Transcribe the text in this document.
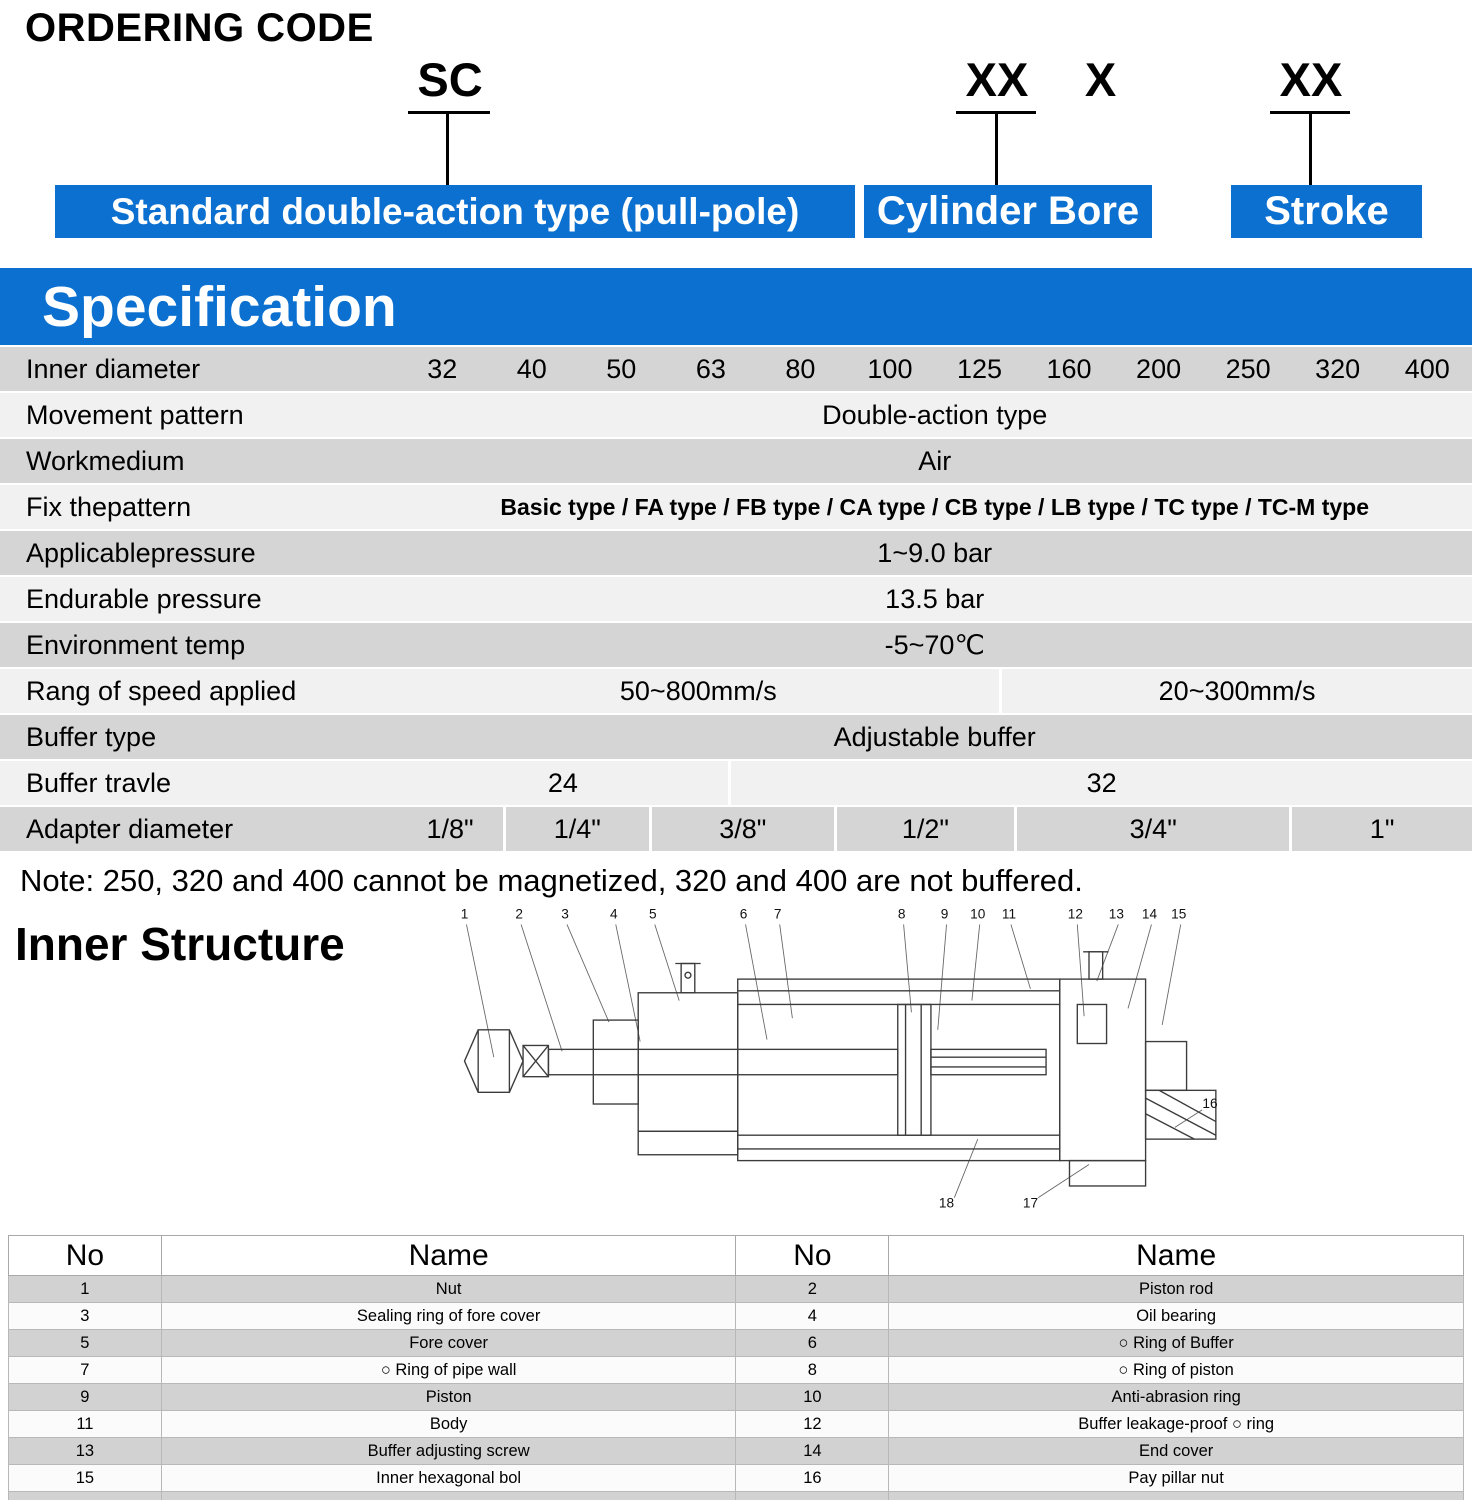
ORDERING CODE
SC	XX X	XX
Standard double-action type (pull-pole)	Cylinder Bore	Stroke
Specification
Inner diameter	32	40	50	63	80	100	125	160	200	250	320	400
Movement pattern	Double-action type
Workmedium	Air
Fix thepattern	Basic type / FA type / FB type / CA type / CB type / LB type / TC type / TC-M type
Applicablepressure	1~9.0 bar
Endurable pressure	13.5 bar
Environment temp	-5~70℃
Rang of speed applied	50~800mm/s	20~300mm/s
Buffer type	Adjustable buffer
Buffer travle	24	32
Adapter diameter	1/8"	1/4"	3/8"	1/2"	3/4"	1"

Note: 250, 320 and 400 cannot be magnetized, 320 and 400 are not buffered.

Inner Structure
1	2	3	4 5	6 7	8	9 10 11	12 13 14 15
16
17
18
No	Name	No	Name
1	Nut	2	Piston rod
3	Sealing ring of fore cover	4	Oil bearing
5	Fore cover	6	○ Ring of Buffer
7	○ Ring of pipe wall	8	○ Ring of piston
9	Piston	10	Anti-abrasion ring
11	Body	12	Buffer leakage-proof ○ ring
13	Buffer adjusting screw	14	End cover
15	Inner hexagonal bol	16	Pay pillar nut
